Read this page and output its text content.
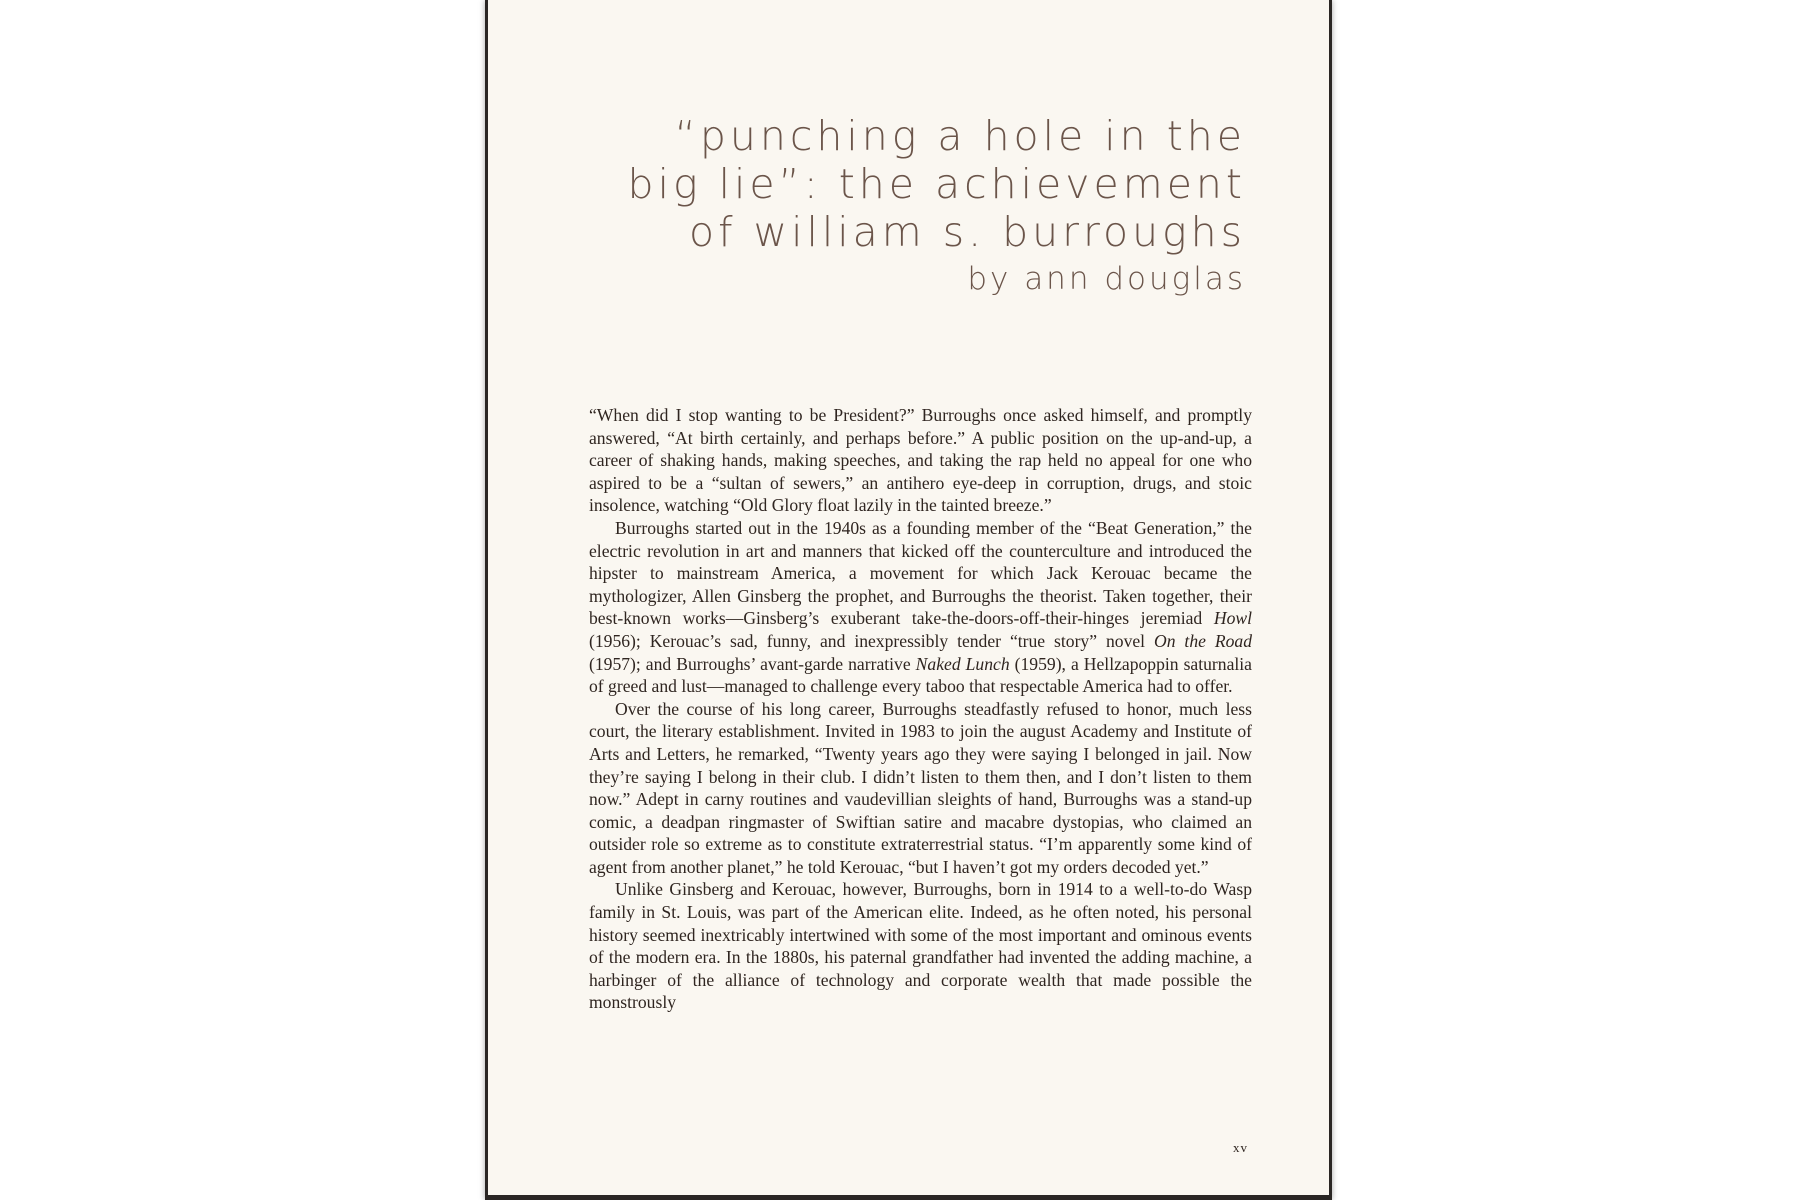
“punching a hole in the
big lie”: the achievement
of william s. burroughs
by ann douglas

“When did I stop wanting to be President?” Burroughs once asked himself, and promptly answered, “At birth certainly, and perhaps before.” A public position on the up-and-up, a career of shaking hands, making speeches, and taking the rap held no appeal for one who aspired to be a “sultan of sewers,” an antihero eye-deep in corruption, drugs, and stoic insolence, watching “Old Glory float lazily in the tainted breeze.”

Burroughs started out in the 1940s as a founding member of the “Beat Generation,” the electric revolution in art and manners that kicked off the counterculture and introduced the hipster to mainstream America, a movement for which Jack Kerouac became the mythologizer, Allen Ginsberg the prophet, and Burroughs the theorist. Taken together, their best-known works—Ginsberg’s exuberant take-the-doors-off-their-hinges jeremiad Howl (1956); Kerouac’s sad, funny, and inexpressibly tender “true story” novel On the Road (1957); and Burroughs’ avant-garde narrative Naked Lunch (1959), a Hellzapoppin saturnalia of greed and lust—managed to challenge every taboo that respectable America had to offer.

Over the course of his long career, Burroughs steadfastly refused to honor, much less court, the literary establishment. Invited in 1983 to join the august Academy and Institute of Arts and Letters, he remarked, “Twenty years ago they were saying I belonged in jail. Now they’re saying I belong in their club. I didn’t listen to them then, and I don’t listen to them now.” Adept in carny routines and vaudevillian sleights of hand, Burroughs was a stand-up comic, a deadpan ringmaster of Swiftian satire and macabre dystopias, who claimed an outsider role so extreme as to constitute extraterrestrial status. “I’m apparently some kind of agent from another planet,” he told Kerouac, “but I haven’t got my orders decoded yet.”

Unlike Ginsberg and Kerouac, however, Burroughs, born in 1914 to a well-to-do Wasp family in St. Louis, was part of the American elite. Indeed, as he often noted, his personal history seemed inextricably intertwined with some of the most important and ominous events of the modern era. In the 1880s, his paternal grandfather had invented the adding machine, a harbinger of the alliance of technology and corporate wealth that made possible the monstrously

xv
